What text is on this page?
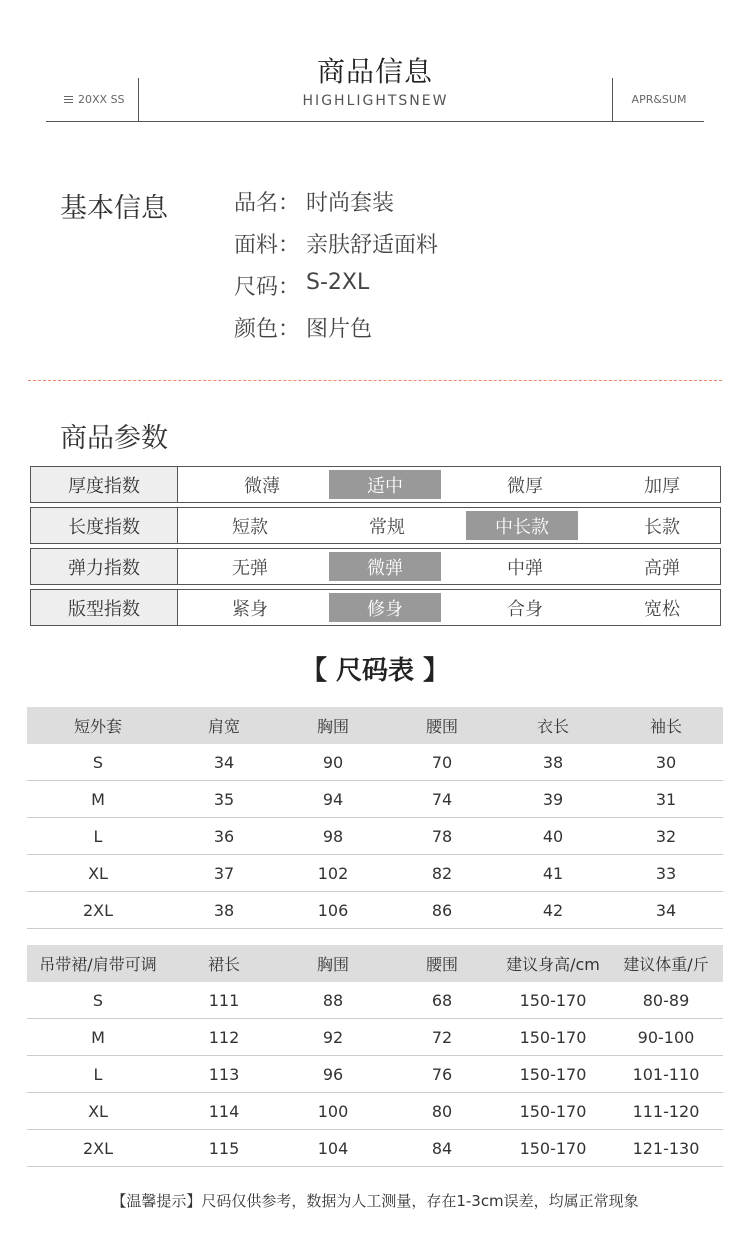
商品信息
20XX SS	HIGHLIGHTSNEW	APR&SUM
基本信息	品名： 时尚套装
面料： 亲肤舒适面料
尺码： S-2XL
颜色： 图片色
商品参数
厚度指数	微薄	适中	微厚	加厚
长度指数	短款	常规	中长款	长款
弹力指数	无弹	微弹	中弹	高弹
版型指数	紧身	修身	合身	宽松
【 尺码表 】
短外套	肩宽	胸围	腰围	衣长	袖长
S	34	90	70	38	30
M	35	94	74	39	31
L	36	98	78	40	32
XL	37	102	82	41	33
2XL	38	106	86	42	34
吊带裙/肩带可调	裙长	胸围	腰围	建议身高/cm	建议体重/斤
S	111	88	68	150-170	80-89
M	112	92	72	150-170	90-100
L	113	96	76	150-170	101-110
XL	114	100	80	150-170	111-120
2XL	115	104	84	150-170	121-130
【温馨提示】尺码仅供参考，数据为人工测量，存在1-3cm误差，均属正常现象
